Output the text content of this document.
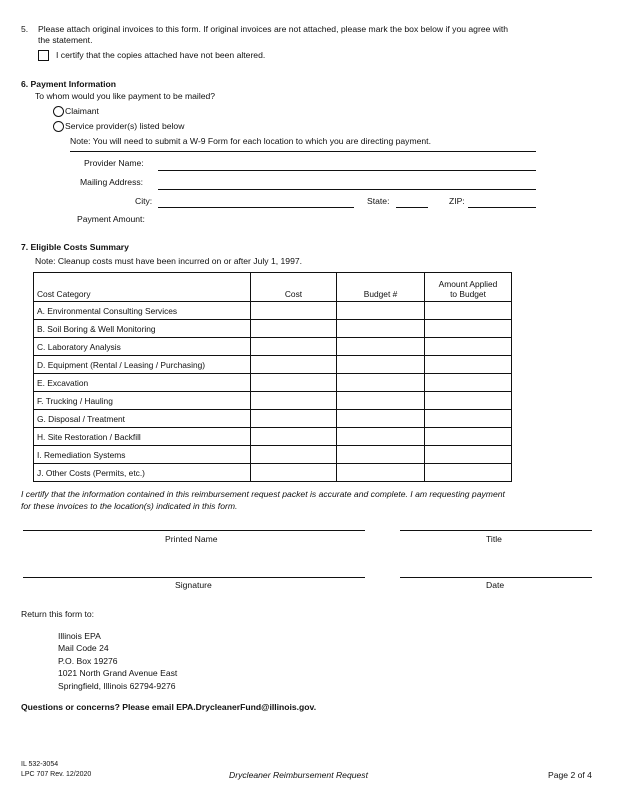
5. Please attach original invoices to this form. If original invoices are not attached, please mark the box below if you agree with
the statement.
I certify that the copies attached have not been altered.
6. Payment Information
To whom would you like payment to be mailed?
Claimant
Service provider(s) listed below
Note: You will need to submit a W-9 Form for each location to which you are directing payment.
Provider Name:
Mailing Address:
City:	State:	ZIP:
Payment Amount:
7. Eligible Costs Summary
Note: Cleanup costs must have been incurred on or after July 1, 1997.
Cost Category	Cost	Budget #	Amount Applied
to Budget

A. Environmental Consulting Services			
B. Soil Boring & Well Monitoring			
C. Laboratory Analysis			
D. Equipment (Rental / Leasing / Purchasing)			
E. Excavation			
F. Trucking / Hauling			
G. Disposal / Treatment			
H. Site Restoration / Backfill			
I. Remediation Systems			
J. Other Costs (Permits, etc.)			
I certify that the information contained in this reimbursement request packet is accurate and complete. I am requesting payment
for these invoices to the location(s) indicated in this form.
Printed Name	Title
Signature	Date
Return this form to:
Illinois EPA
Mail Code 24
P.O. Box 19276
1021 North Grand Avenue East
Springfield, Illinois 62794-9276
Questions or concerns? Please email EPA.DrycleanerFund@illinois.gov.
IL 532-3054
LPC 707 Rev. 12/2020	Drycleaner Reimbursement Request	Page 2 of 4
